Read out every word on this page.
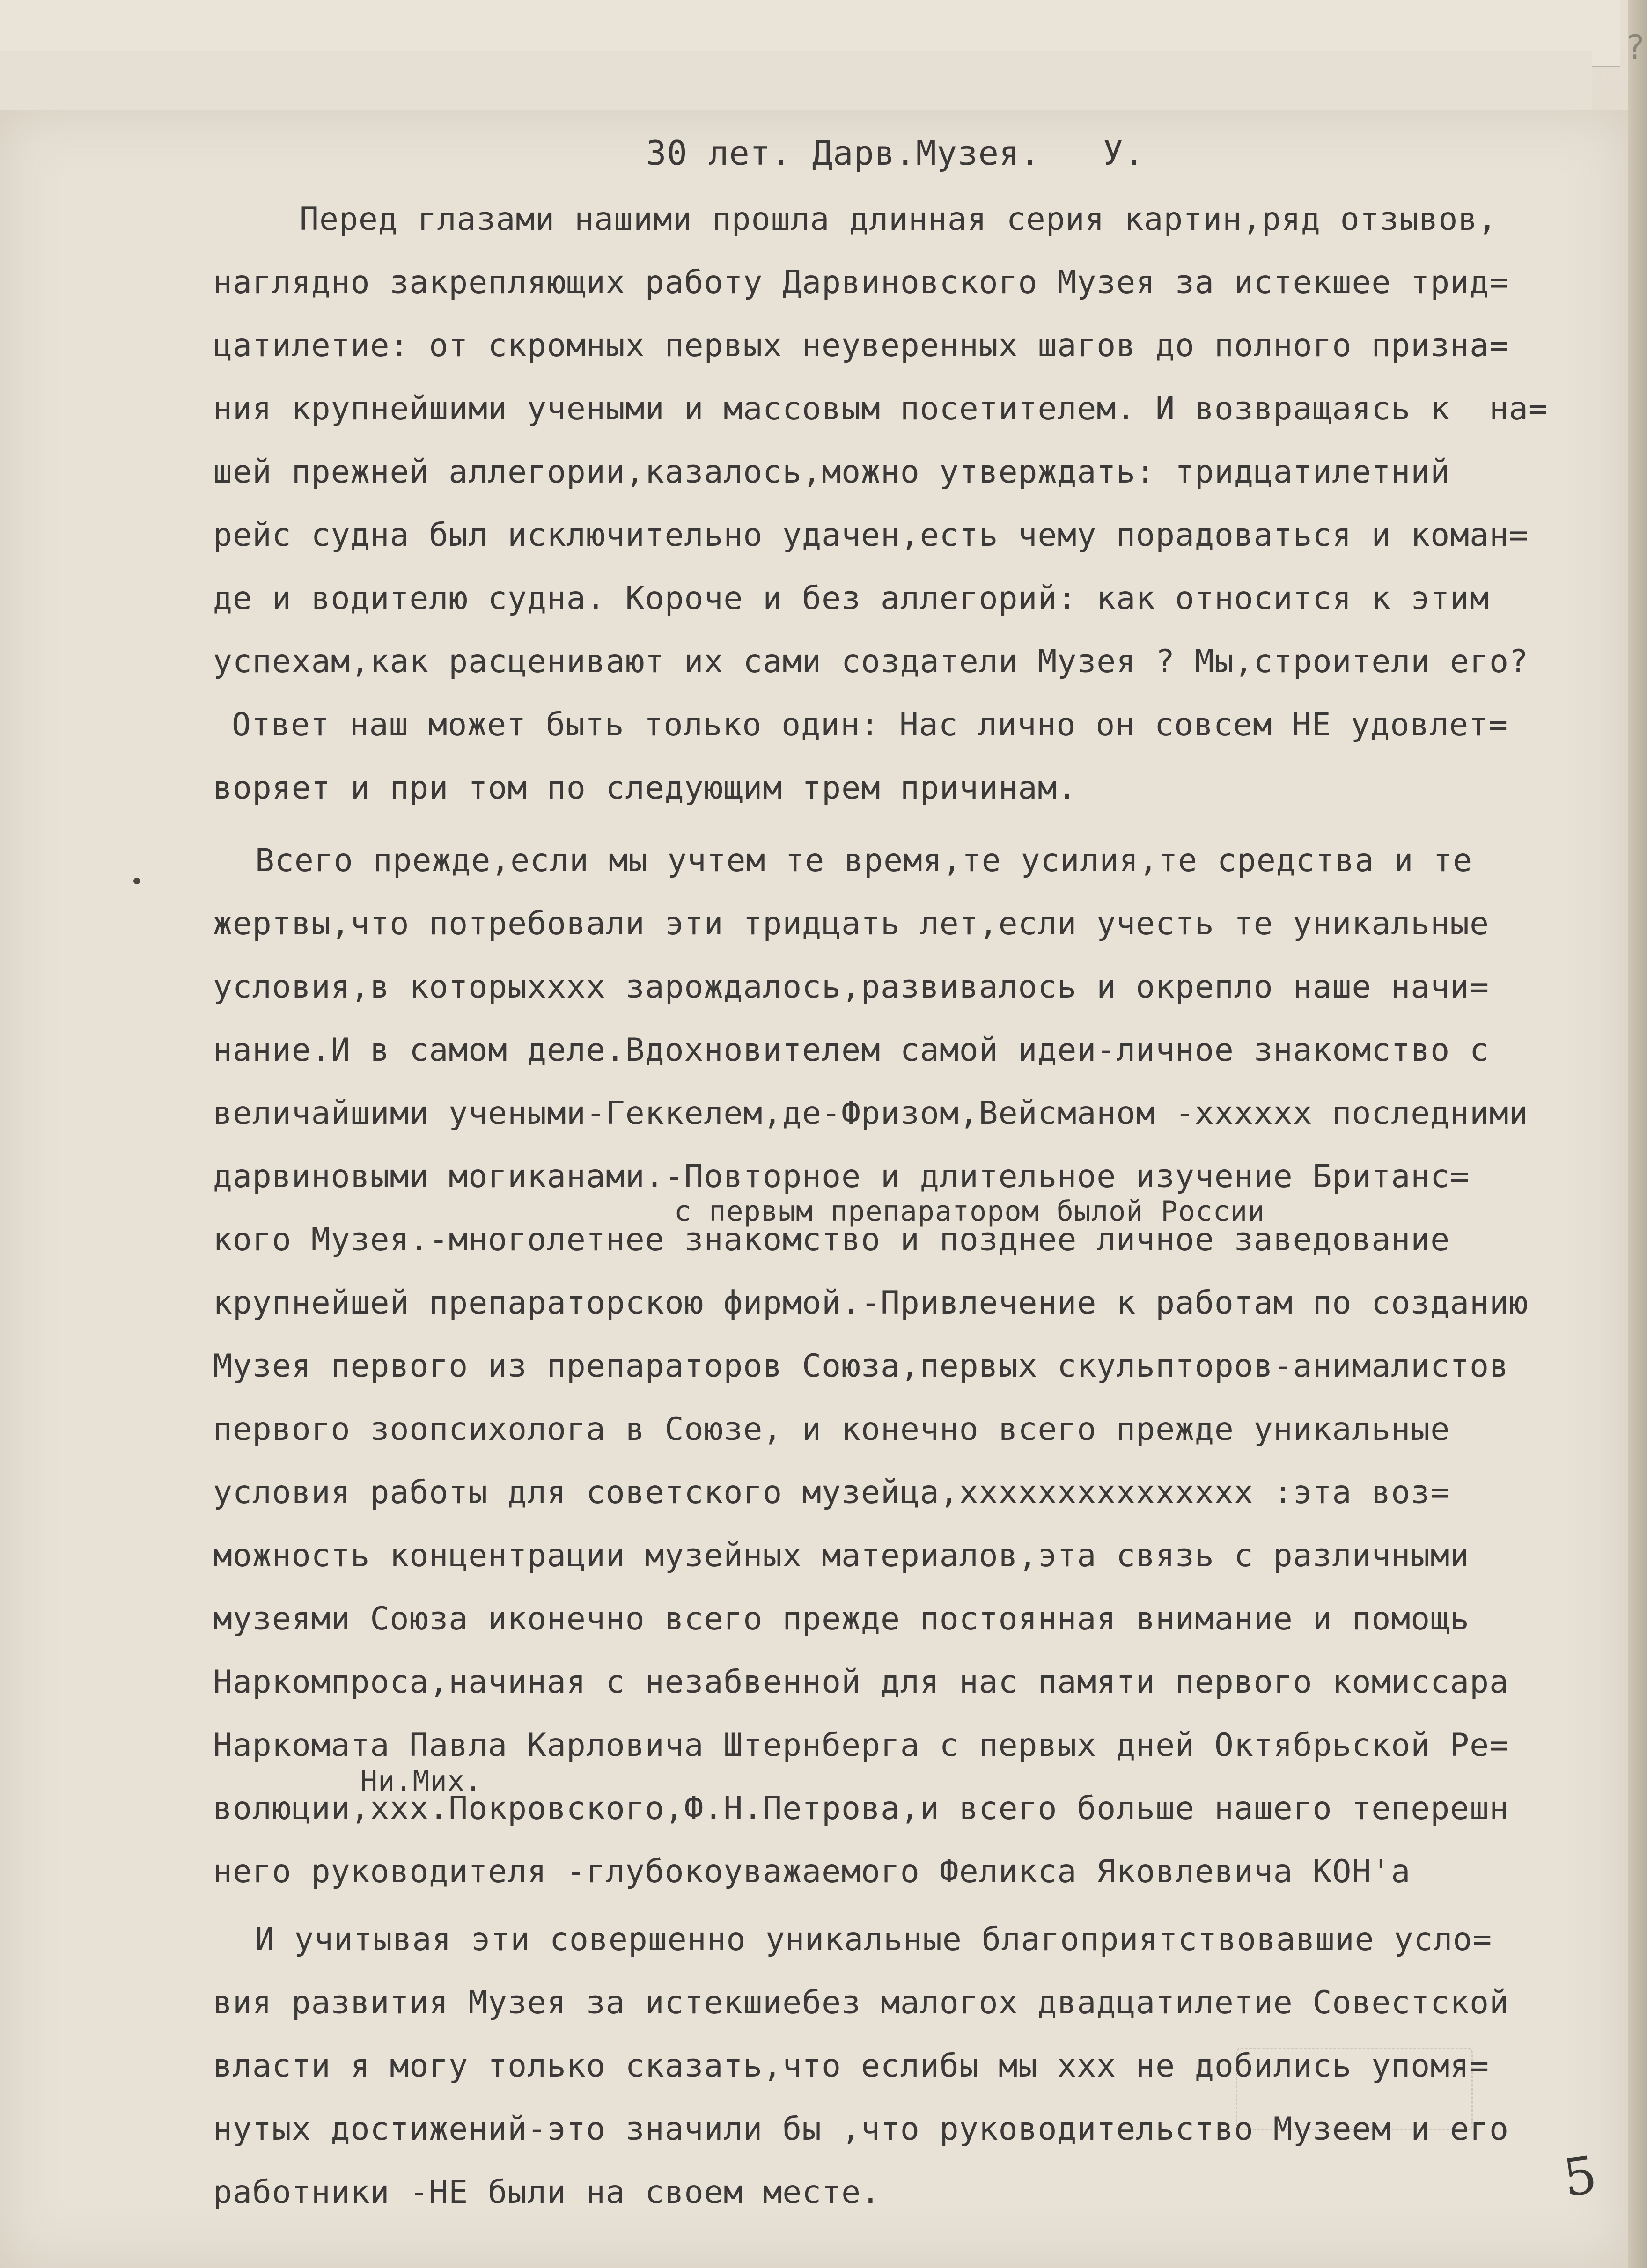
?
30 лет. Дарв.Музея.   У.
Перед глазами нашими прошла длинная серия картин,ряд отзывов,
наглядно закрепляющих работу Дарвиновского Музея за истекшее трид=
цатилетие: от скромных первых неуверенных шагов до полного призна=
ния крупнейшими учеными и массовым посетителем. И возвращаясь к  на=
шей прежней аллегории,казалось,можно утверждать: тридцатилетний
рейс судна был исключительно удачен,есть чему порадоваться и коман=
де и водителю судна. Короче и без аллегорий: как относится к этим
успехам,как расценивают их сами создатели Музея ? Мы,строители его?
Ответ наш может быть только один: Нас лично он совсем НЕ удовлет=
воряет и при том по следующим трем причинам.
Всего прежде,если мы учтем те время,те усилия,те средства и те
жертвы,что потребовали эти тридцать лет,если учесть те уникальные
условия,в которыхххх зарождалось,развивалось и окрепло наше начи=
нание.И в самом деле.Вдохновителем самой идеи-личное знакомство с
величайшими учеными-Геккелем,де-Фризом,Вейсманом -хххххх последними
дарвиновыми могиканами.-Повторное и длительное изучение Британс=
с первым препаратором былой России
кого Музея.-многолетнее знакомство и позднее личное заведование
крупнейшей препараторскою фирмой.-Привлечение к работам по созданию
Музея первого из препараторов Союза,первых скульпторов-анималистов
первого зоопсихолога в Союзе, и конечно всего прежде уникальные
условия работы для советского музейца,ххххххххххххххх :эта воз=
можность концентрации музейных материалов,эта связь с различными
музеями Союза иконечно всего прежде постоянная внимание и помощь
Наркомпроса,начиная с незабвенной для нас памяти первого комиссара
Наркомата Павла Карловича Штернберга с первых дней Октябрьской Ре=
Ни.Мих.
волюции,ххх.Покровского,Ф.Н.Петрова,и всего больше нашего теперешн
него руководителя -глубокоуважаемого Феликса Яковлевича КОН'а
И учитывая эти совершенно уникальные благоприятствовавшие усло=
вия развития Музея за истекшиебез малогох двадцатилетие Совестской
власти я могу только сказать,что еслибы мы ххх не добились упомя=
нутых достижений-это значили бы ,что руководительство Музеем и его
работники -НЕ были на своем месте.	5
